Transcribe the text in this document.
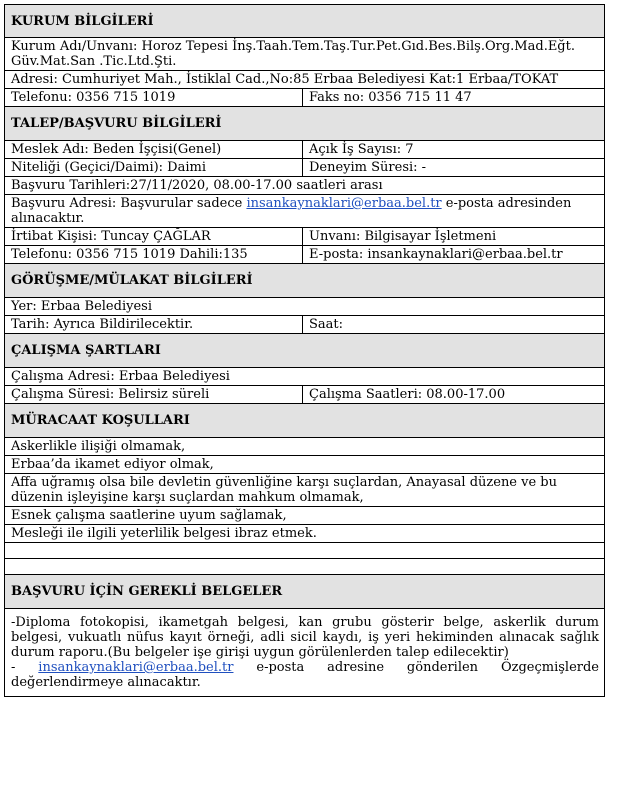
KURUM BİLGİLERİ
Kurum Adı/Unvanı: Horoz Tepesi İnş.Taah.Tem.Taş.Tur.Pet.Gıd.Bes.Bilş.Org.Mad.Eğt. Güv.Mat.San .Tic.Ltd.Şti.
Adresi: Cumhuriyet Mah., İstiklal Cad.,No:85 Erbaa Belediyesi Kat:1 Erbaa/TOKAT
Telefonu: 0356 715 1019	Faks no: 0356 715 11 47
TALEP/BAŞVURU BİLGİLERİ
Meslek Adı: Beden İşçisi(Genel)	Açık İş Sayısı: 7
Niteliği (Geçici/Daimi): Daimi	Deneyim Süresi: -
Başvuru Tarihleri:27/11/2020, 08.00-17.00 saatleri arası
Başvuru Adresi: Başvurular sadece insankaynaklari@erbaa.bel.tr e-posta adresinden alınacaktır.
İrtibat Kişisi: Tuncay ÇAĞLAR	Unvanı: Bilgisayar İşletmeni
Telefonu: 0356 715 1019 Dahili:135	E-posta: insankaynaklari@erbaa.bel.tr
GÖRÜŞME/MÜLAKAT BİLGİLERİ
Yer: Erbaa Belediyesi
Tarih: Ayrıca Bildirilecektir.	Saat:
ÇALIŞMA ŞARTLARI
Çalışma Adresi: Erbaa Belediyesi
Çalışma Süresi: Belirsiz süreli	Çalışma Saatleri: 08.00-17.00
MÜRACAAT KOŞULLARI
Askerlikle ilişiği olmamak,
Erbaa’da ikamet ediyor olmak,
Affa uğramış olsa bile devletin güvenliğine karşı suçlardan, Anayasal düzene ve bu düzenin işleyişine karşı suçlardan mahkum olmamak,
Esnek çalışma saatlerine uyum sağlamak,
Mesleği ile ilgili yeterlilik belgesi ibraz etmek.
BAŞVURU İÇİN GEREKLİ BELGELER
-Diploma fotokopisi, ikametgah belgesi, kan grubu gösterir belge, askerlik durum belgesi, vukuatlı nüfus kayıt örneği, adli sicil kaydı, iş yeri hekiminden alınacak sağlık durum raporu.(Bu belgeler işe girişi uygun görülenlerden talep edilecektir)
- insankaynaklari@erbaa.bel.tr e-posta adresine gönderilen Özgeçmişlerde
değerlendirmeye alınacaktır.
